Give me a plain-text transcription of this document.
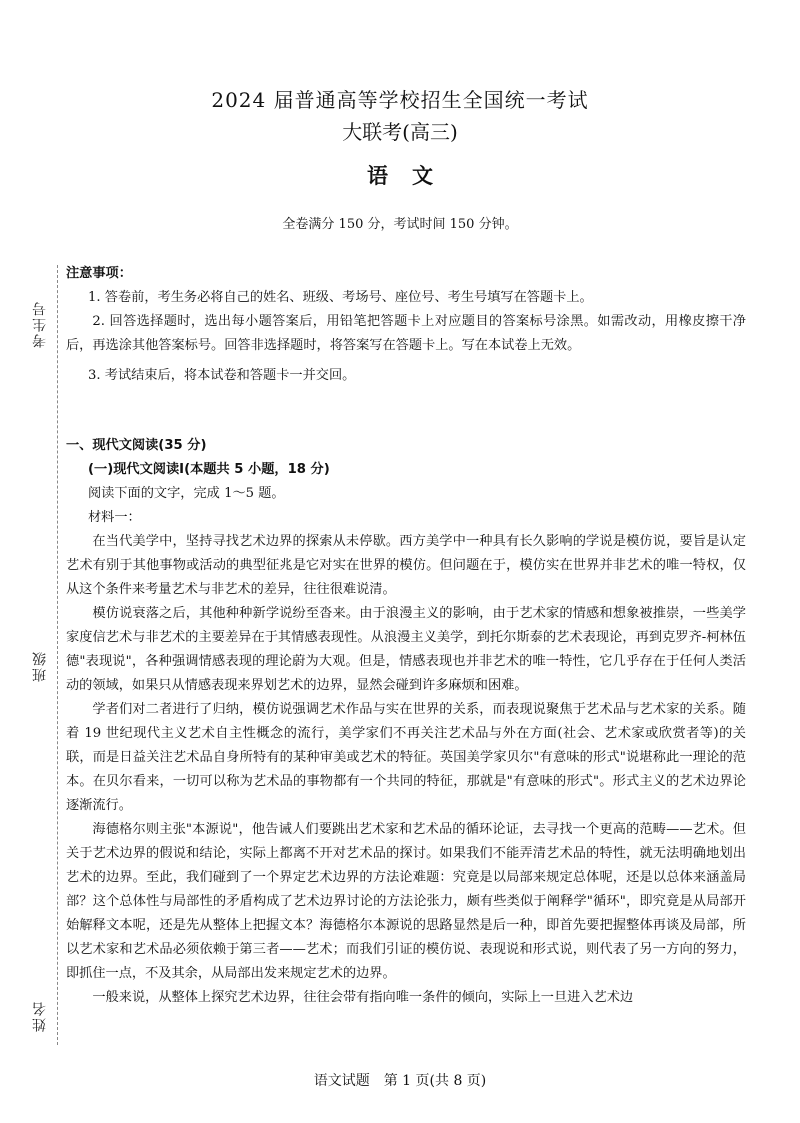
考生号
班级
姓名

2024 届普通高等学校招生全国统一考试

大联考(高三)

语文

全卷满分 150 分，考试时间 150 分钟。

注意事项：

1. 答卷前，考生务必将自己的姓名、班级、考场号、座位号、考生号填写在答题卡上。

2. 回答选择题时，选出每小题答案后，用铅笔把答题卡上对应题目的答案标号涂黑。如需改动，用橡皮擦干净后，再选涂其他答案标号。回答非选择题时，将答案写在答题卡上。写在本试卷上无效。

3. 考试结束后，将本试卷和答题卡一并交回。

一、现代文阅读(35 分)

(一)现代文阅读Ⅰ(本题共 5 小题，18 分)

阅读下面的文字，完成 1～5 题。

材料一：

在当代美学中，坚持寻找艺术边界的探索从未停歇。西方美学中一种具有长久影响的学说是模仿说，要旨是认定艺术有别于其他事物或活动的典型征兆是它对实在世界的模仿。但问题在于，模仿实在世界并非艺术的唯一特权，仅从这个条件来考量艺术与非艺术的差异，往往很难说清。

模仿说衰落之后，其他种种新学说纷至沓来。由于浪漫主义的影响，由于艺术家的情感和想象被推崇，一些美学家度信艺术与非艺术的主要差异在于其情感表现性。从浪漫主义美学，到托尔斯泰的艺术表现论，再到克罗齐-柯林伍德"表现说"，各种强调情感表现的理论蔚为大观。但是，情感表现也并非艺术的唯一特性，它几乎存在于任何人类活动的领域，如果只从情感表现来界划艺术的边界，显然会碰到许多麻烦和困难。

学者们对二者进行了归纳，模仿说强调艺术作品与实在世界的关系，而表现说聚焦于艺术品与艺术家的关系。随着 19 世纪现代主义艺术自主性概念的流行，美学家们不再关注艺术品与外在方面(社会、艺术家或欣赏者等)的关联，而是日益关注艺术品自身所特有的某种审美或艺术的特征。英国美学家贝尔"有意味的形式"说堪称此一理论的范本。在贝尔看来，一切可以称为艺术品的事物都有一个共同的特征，那就是"有意味的形式"。形式主义的艺术边界论逐渐流行。

海德格尔则主张"本源说"，他告诫人们要跳出艺术家和艺术品的循环论证，去寻找一个更高的范畴——艺术。但关于艺术边界的假说和结论，实际上都离不开对艺术品的探讨。如果我们不能弄清艺术品的特性，就无法明确地划出艺术的边界。至此，我们碰到了一个界定艺术边界的方法论难题：究竟是以局部来规定总体呢，还是以总体来涵盖局部？这个总体性与局部性的矛盾构成了艺术边界讨论的方法论张力，颇有些类似于阐释学"循环"，即究竟是从局部开始解释文本呢，还是先从整体上把握文本？海德格尔本源说的思路显然是后一种，即首先要把握整体再谈及局部，所以艺术家和艺术品必须依赖于第三者——艺术；而我们引证的模仿说、表现说和形式说，则代表了另一方向的努力，即抓住一点，不及其余，从局部出发来规定艺术的边界。

一般来说，从整体上探究艺术边界，往往会带有指向唯一条件的倾向，实际上一旦进入艺术边

语文试题　第 1 页(共 8 页)
